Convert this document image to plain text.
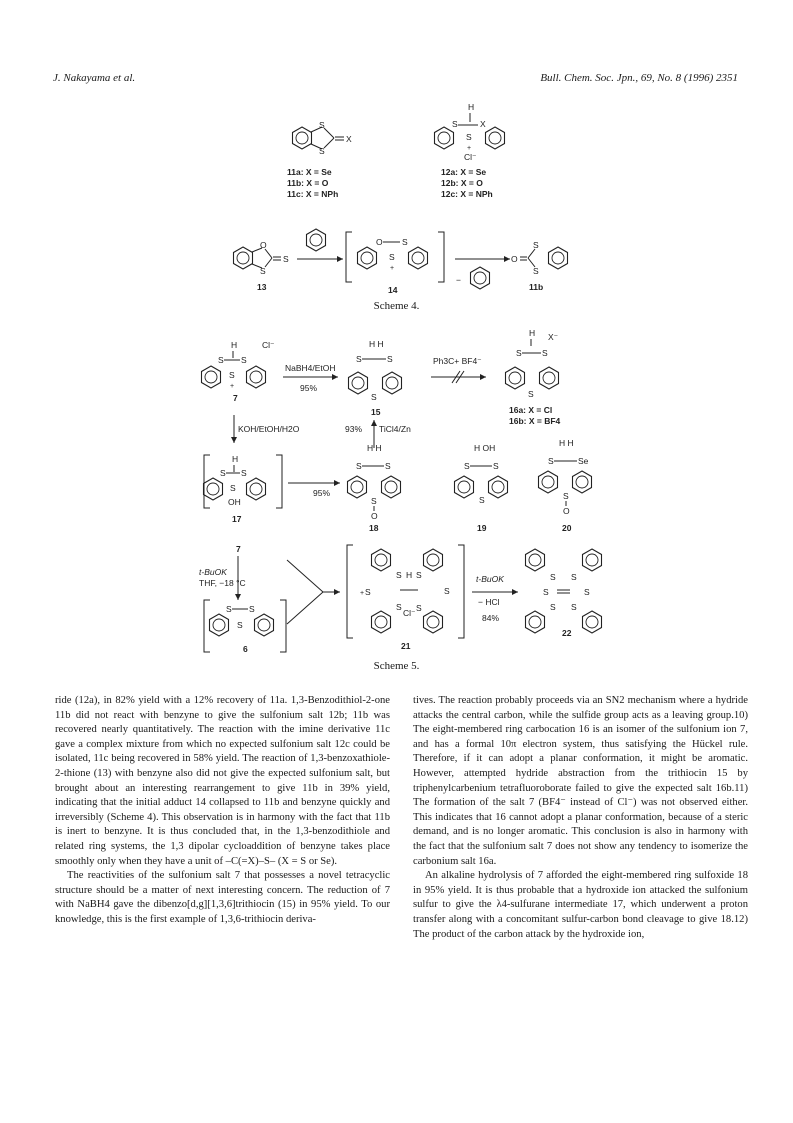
J. Nakayama et al.	Bull. Chem. Soc. Jpn., 69, No. 8 (1996) 2351
S
S
X
11a: X = Se
11b: X = O
11c: X = NPh
H
S	X
S
+
Cl⁻
12a: X = Se
12b: X = O
12c: X = NPh
O
S
S
13
O S
S
+
14
−
O
S
S
11b
H	Cl⁻
S S
S
+
7
NaBH4/EtOH
95%
H H
S	S
S
15
Ph3C+ BF4⁻
H X⁻
S S
S
16a: X = Cl
16b: X = BF4
KOH/EtOH/H2O	93% TiCl4/Zn
H
S S
S
OH
17
95%
H H
S	S
S
O
18
H OH
S	S
S
19
H H
S	Se
S
O
20
7
t-BuOK
THF, −18 °C
S S
S
6
S
+
S H
S
S
S
S
Cl⁻
21
t-BuOK
− HCl
84%
S
S
S
S
S
S
22
Scheme 4.
Scheme 5.

ride (12a), in 82% yield with a 12% recovery of 11a. 1,3-Benzodithiol-2-one 11b did not react with benzyne to give the sulfonium salt 12b; 11b was recovered nearly quantitatively. The reaction with the imine derivative 11c gave a complex mixture from which no expected sulfonium salt 12c could be isolated, 11c being recovered in 58% yield. The reaction of 1,3-benzoxathiole-2-thione (13) with benzyne also did not give the expected sulfonium salt, but brought about an interesting rearrangement to give 11b in 39% yield, indicating that the initial adduct 14 collapsed to 11b and benzyne quickly and irreversibly (Scheme 4). This observation is in harmony with the fact that 11b is inert to benzyne. It is thus concluded that, in the 1,3-benzodithiole and related ring systems, the 1,3 dipolar cycloaddition of benzyne takes place smoothly only when they have a unit of –C(=X)–S– (X = S or Se).

The reactivities of the sulfonium salt 7 that possesses a novel tetracyclic structure should be a matter of next interesting concern. The reduction of 7 with NaBH4 gave the dibenzo[d,g][1,3,6]trithiocin (15) in 95% yield. To our knowledge, this is the first example of 1,3,6-trithiocin deriva-

tives. The reaction probably proceeds via an SN2 mechanism where a hydride attacks the central carbon, while the sulfide group acts as a leaving group.10) The eight-membered ring carbocation 16 is an isomer of the sulfonium ion 7, and has a formal 10π electron system, thus satisfying the Hückel rule. Therefore, if it can adopt a planar conformation, it might be aromatic. However, attempted hydride abstraction from the trithiocin 15 by triphenylcarbenium tetrafluoroborate failed to give the expected salt 16b.11) The formation of the salt 7 (BF4⁻ instead of Cl⁻) was not observed either. This indicates that 16 cannot adopt a planar conformation, because of a steric demand, and is no longer aromatic. This conclusion is also in harmony with the fact that the sulfonium salt 7 does not show any tendency to isomerize the carbonium salt 16a.

An alkaline hydrolysis of 7 afforded the eight-membered ring sulfoxide 18 in 95% yield. It is thus probable that a hydroxide ion attacked the sulfonium sulfur to give the λ4-sulfurane intermediate 17, which underwent a proton transfer along with a concomitant sulfur-carbon bond cleavage to give 18.12) The product of the carbon attack by the hydroxide ion,
